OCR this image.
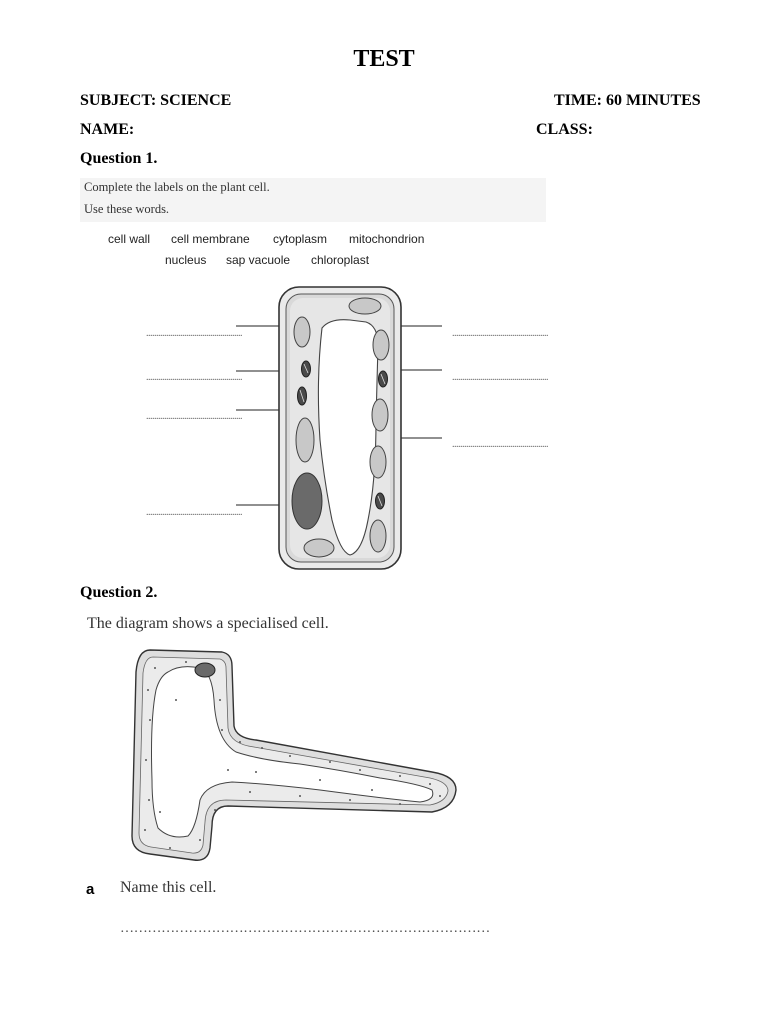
TEST
SUBJECT: SCIENCE	TIME: 60 MINUTES
NAME:	CLASS:
Question 1.
Complete the labels on the plant cell.
Use these words.
cell wall cell membrane cytoplasm mitochondrion
nucleus sap vacuole chloroplast
................................................
................................................
................................................
................................................
................................................
................................................
................................................
Question 2.
The diagram shows a specialised cell.
a Name this cell.
………………………………………………………………………
